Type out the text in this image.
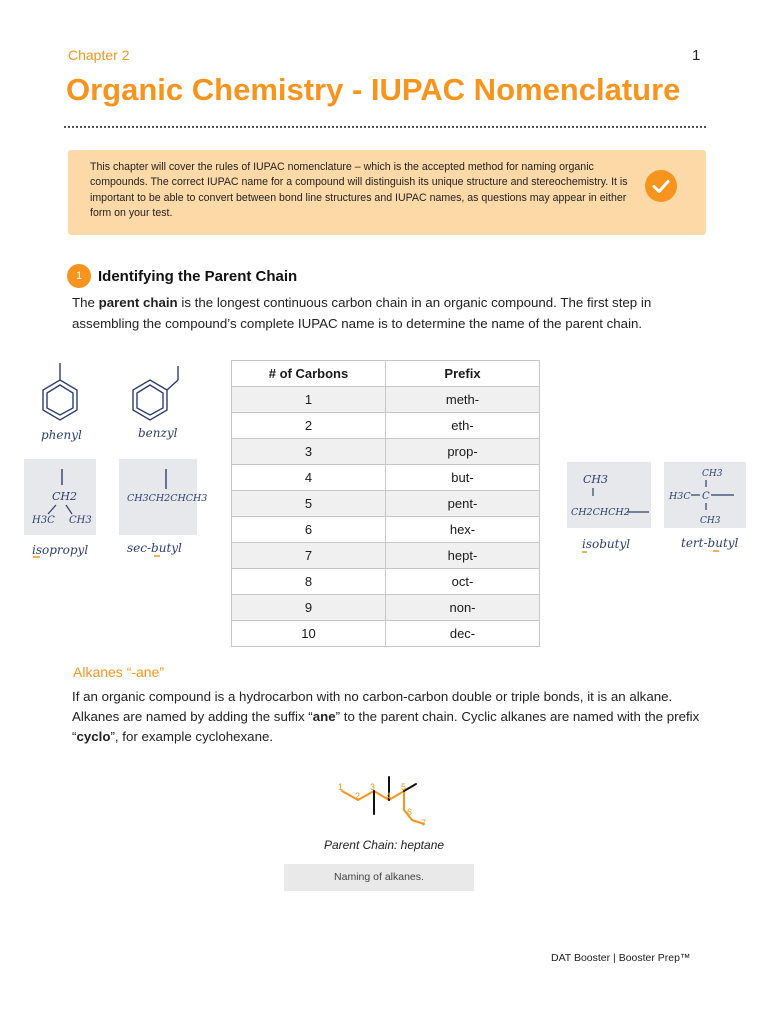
Chapter 2	1
Organic Chemistry - IUPAC Nomenclature
This chapter will cover the rules of IUPAC nomenclature – which is the accepted method for naming organic compounds. The correct IUPAC name for a compound will distinguish its unique structure and stereochemistry. It is important to be able to convert between bond line structures and IUPAC names, as questions may appear in either form on your test.
1	Identifying the Parent Chain
The parent chain is the longest continuous carbon chain in an organic compound. The first step in assembling the compound’s complete IUPAC name is to determine the name of the parent chain.
phenyl	benzyl
CH2
H3C CH3
CH3CH2CHCH3
isopropyl	sec-butyl
# of Carbons	Prefix
1	meth-
2	eth-
3	prop-
4	but-
5	pent-
6	hex-
7	hept-
8	oct-
9	non-
10	dec-
CH3
CH2CHCH2
CH3
H3C C
CH3
isobutyl	tert-butyl
Alkanes “-ane”
If an organic compound is a hydrocarbon with no carbon-carbon double or triple bonds, it is an alkane. Alkanes are named by adding the suffix “ane” to the parent chain. Cyclic alkanes are named with the prefix “cyclo”, for example cyclohexane.
1
2
3
4
5
6
7
Parent Chain: heptane
Naming of alkanes.
DAT Booster | Booster Prep™
